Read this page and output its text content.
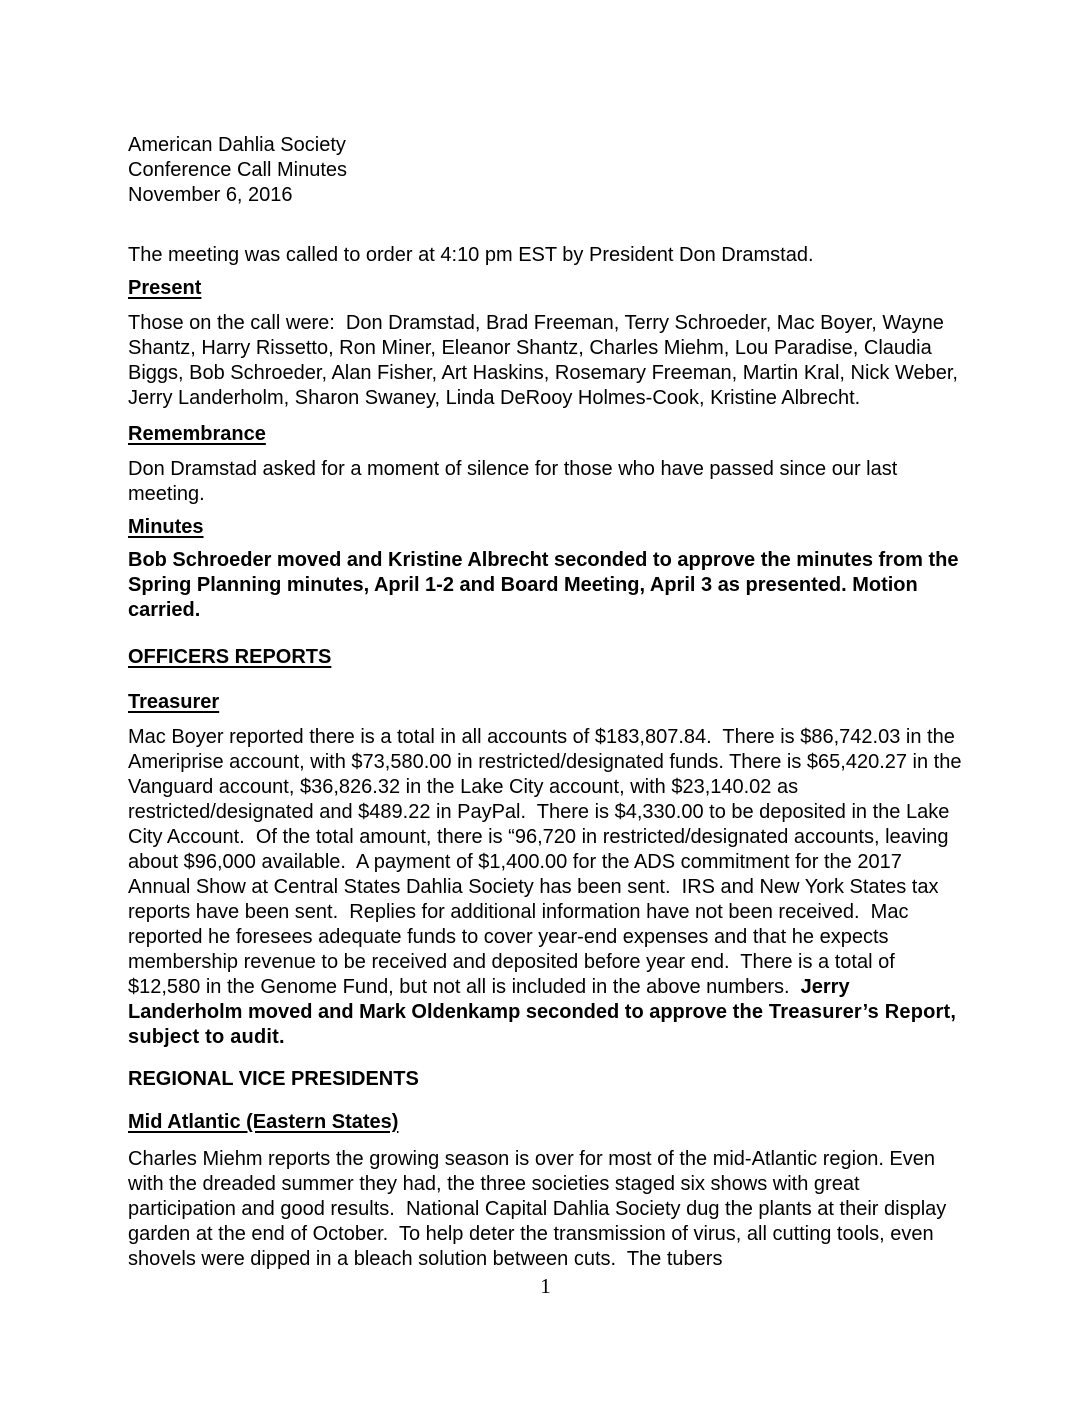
American Dahlia Society
Conference Call Minutes
November 6, 2016

The meeting was called to order at 4:10 pm EST by President Don Dramstad.

Present

Those on the call were:  Don Dramstad, Brad Freeman, Terry Schroeder, Mac Boyer, Wayne Shantz, Harry Rissetto, Ron Miner, Eleanor Shantz, Charles Miehm, Lou Paradise, Claudia Biggs, Bob Schroeder, Alan Fisher, Art Haskins, Rosemary Freeman, Martin Kral, Nick Weber, Jerry Landerholm, Sharon Swaney, Linda DeRooy Holmes-Cook, Kristine Albrecht.

Remembrance

Don Dramstad asked for a moment of silence for those who have passed since our last meeting.

Minutes

Bob Schroeder moved and Kristine Albrecht seconded to approve the minutes from the Spring Planning minutes, April 1-2 and Board Meeting, April 3 as presented. Motion carried.

OFFICERS REPORTS
Treasurer

Mac Boyer reported there is a total in all accounts of $183,807.84.  There is $86,742.03 in the Ameriprise account, with $73,580.00 in restricted/designated funds. There is $65,420.27 in the Vanguard account, $36,826.32 in the Lake City account, with $23,140.02 as restricted/designated and $489.22 in PayPal.  There is $4,330.00 to be deposited in the Lake City Account.  Of the total amount, there is “96,720 in restricted/designated accounts, leaving about $96,000 available.  A payment of $1,400.00 for the ADS commitment for the 2017 Annual Show at Central States Dahlia Society has been sent.  IRS and New York States tax reports have been sent.  Replies for additional information have not been received.  Mac reported he foresees adequate funds to cover year-end expenses and that he expects membership revenue to be received and deposited before year end.  There is a total of $12,580 in the Genome Fund, but not all is included in the above numbers.  Jerry Landerholm moved and Mark Oldenkamp seconded to approve the Treasurer’s Report, subject to audit.

REGIONAL VICE PRESIDENTS
Mid Atlantic (Eastern States)

Charles Miehm reports the growing season is over for most of the mid-Atlantic region. Even with the dreaded summer they had, the three societies staged six shows with great participation and good results.  National Capital Dahlia Society dug the plants at their display garden at the end of October.  To help deter the transmission of virus, all cutting tools, even shovels were dipped in a bleach solution between cuts.  The tubers

1
